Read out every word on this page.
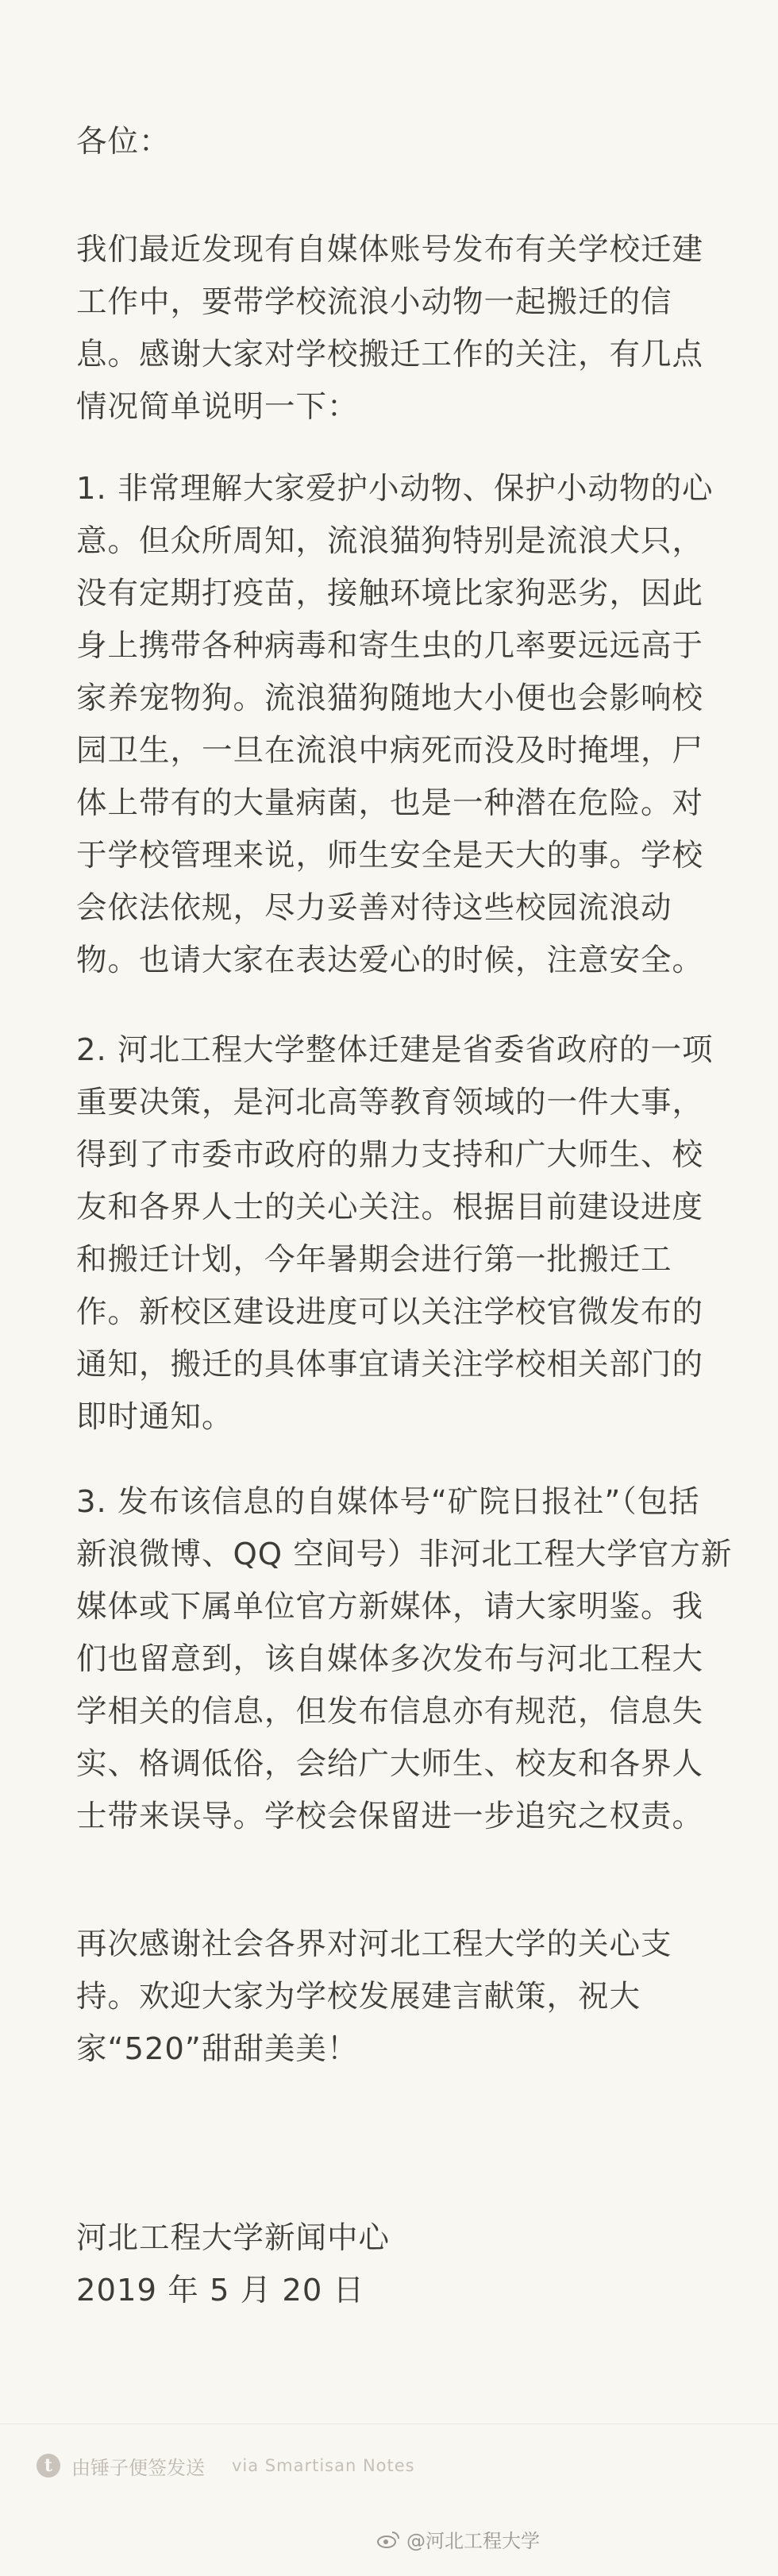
各位：
我们最近发现有自媒体账号发布有关学校迁建
工作中，要带学校流浪小动物一起搬迁的信
息。感谢大家对学校搬迁工作的关注，有几点
情况简单说明一下：
1. 非常理解大家爱护小动物、保护小动物的心
意。但众所周知，流浪猫狗特别是流浪犬只，
没有定期打疫苗，接触环境比家狗恶劣，因此
身上携带各种病毒和寄生虫的几率要远远高于
家养宠物狗。流浪猫狗随地大小便也会影响校
园卫生，一旦在流浪中病死而没及时掩埋，尸
体上带有的大量病菌，也是一种潜在危险。对
于学校管理来说，师生安全是天大的事。学校
会依法依规，尽力妥善对待这些校园流浪动
物。也请大家在表达爱心的时候，注意安全。
2. 河北工程大学整体迁建是省委省政府的一项
重要决策，是河北高等教育领域的一件大事，
得到了市委市政府的鼎力支持和广大师生、校
友和各界人士的关心关注。根据目前建设进度
和搬迁计划，今年暑期会进行第一批搬迁工
作。新校区建设进度可以关注学校官微发布的
通知，搬迁的具体事宜请关注学校相关部门的
即时通知。
3. 发布该信息的自媒体号“矿院日报社”（包括
新浪微博、QQ 空间号）非河北工程大学官方新
媒体或下属单位官方新媒体，请大家明鉴。我
们也留意到，该自媒体多次发布与河北工程大
学相关的信息，但发布信息亦有规范，信息失
实、格调低俗，会给广大师生、校友和各界人
士带来误导。学校会保留进一步追究之权责。
再次感谢社会各界对河北工程大学的关心支
持。欢迎大家为学校发展建言献策，祝大
家“520”甜甜美美！
河北工程大学新闻中心
2019 年 5 月 20 日
t 由锤子便签发送 via Smartisan Notes
@河北工程大学
